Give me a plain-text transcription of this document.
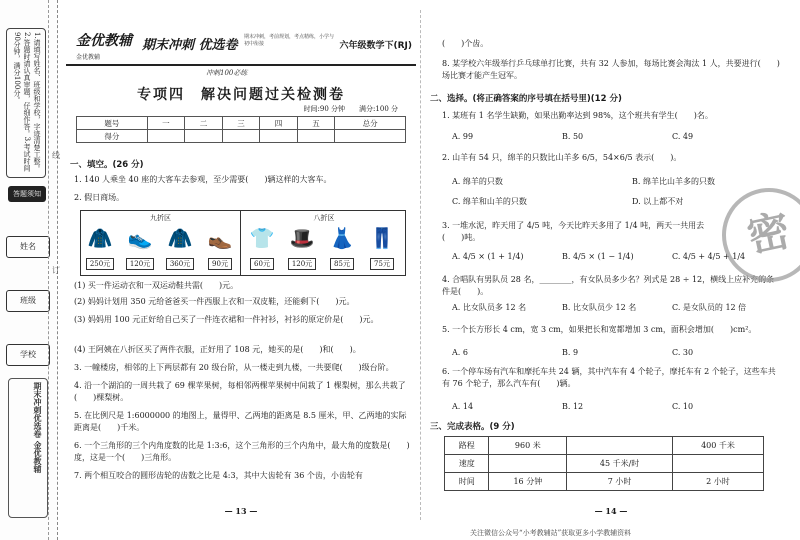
1.请填写姓名、班级和学校，字迹清楚工整。2.答题时请认真审题，仔细作答。3.考试时间90分钟，满分100分。
答题须知
姓名
班级
学校
期末冲刺优选卷 金优教辅
线
订
金优教辅
金优教辅
期末冲刺 优选卷
期末冲刺，考前规划，考点精练，小学与初中衔接	六年级数学下(RJ)
冲刺100必练
专项四　解决问题过关检测卷
时间:90 分钟　　满分:100 分
题号	一	二	三	四	五	总分
得分						
一、填空。(26 分)
1. 140 人乘坐 40 座的大客车去参观，至少需要(　　)辆这样的大客车。
2. 假日商场。
九折区
🧥
250元
👟
120元
🧥
360元
👞
90元
八折区
👕
60元
🎩
120元
👗
85元
👖
75元
(1) 买一件运动衣和一双运动鞋共需(　　)元。
(2) 妈妈计划用 350 元给爸爸买一件西服上衣和一双皮鞋，还能剩下(　　)元。
(3) 妈妈用 100 元正好给自己买了一件连衣裙和一件衬衫，衬衫的原定价是(　　)元。
(4) 王阿姨在八折区买了两件衣服，正好用了 108 元，她买的是(　　)和(　　)。
3. 一幢楼房，相邻的上下两层都有 20 级台阶，从一楼走到九楼，一共要爬(　　)级台阶。
4. 沿一个湖泊的一周共栽了 69 棵苹果树，每相邻两棵苹果树中间栽了 1 棵梨树，那么共栽了(　　)棵梨树。
5. 在比例尺是 1:6000000 的地图上，量得甲、乙两地的距离是 8.5 厘米，甲、乙两地的实际距离是(　　)千米。
6. 一个三角形的三个内角度数的比是 1:3:6，这个三角形的三个内角中，最大角的度数是(　　)度，这是一个(　　)三角形。
7. 两个相互咬合的圆形齿轮的齿数之比是 4:3，其中大齿轮有 36 个齿，小齿轮有
— 13 —
(　　)个齿。
8. 某学校六年级举行乒乓球单打比赛，共有 32 人参加，每场比赛会淘汰 1 人，共要进行(　　)场比赛才能产生冠军。
二、选择。(将正确答案的序号填在括号里)(12 分)
1. 某班有 1 名学生缺勤，如果出勤率达到 98%，这个班共有学生(　　)名。
A. 99	B. 50	C. 49
2. 山羊有 54 只，绵羊的只数比山羊多 6/5，54×6/5 表示(　　)。
A. 绵羊的只数	B. 绵羊比山羊多的只数
C. 绵羊和山羊的只数	D. 以上都不对
3. 一堆水泥，昨天用了 4/5 吨，今天比昨天多用了 1/4 吨，两天一共用去(　　)吨。
A. 4/5 × (1 + 1/4)	B. 4/5 × (1 − 1/4)	C. 4/5 + 4/5 + 1/4
4. 合唱队有男队员 28 名，________，有女队员多少名？列式是 28 ÷ 12，横线上应补充的条件是(　　)。
A. 比女队员多 12 名	B. 比女队员少 12 名	C. 是女队员的 12 倍
5. 一个长方形长 4 cm，宽 3 cm，如果把长和宽都增加 3 cm，面积会增加(　　)cm²。
A. 6	B. 9	C. 30
6. 一个停车场有汽车和摩托车共 24 辆，其中汽车有 4 个轮子，摩托车有 2 个轮子，这些车共有 76 个轮子，那么汽车有(　　)辆。
A. 14	B. 12	C. 10
三、完成表格。(9 分)
路程	960 米		400 千米
速度		45 千米/时	
时间	16 分钟	7 小时	2 小时
— 14 —
密
关注微信公众号“小考教辅站”获取更多小学教辅资料
